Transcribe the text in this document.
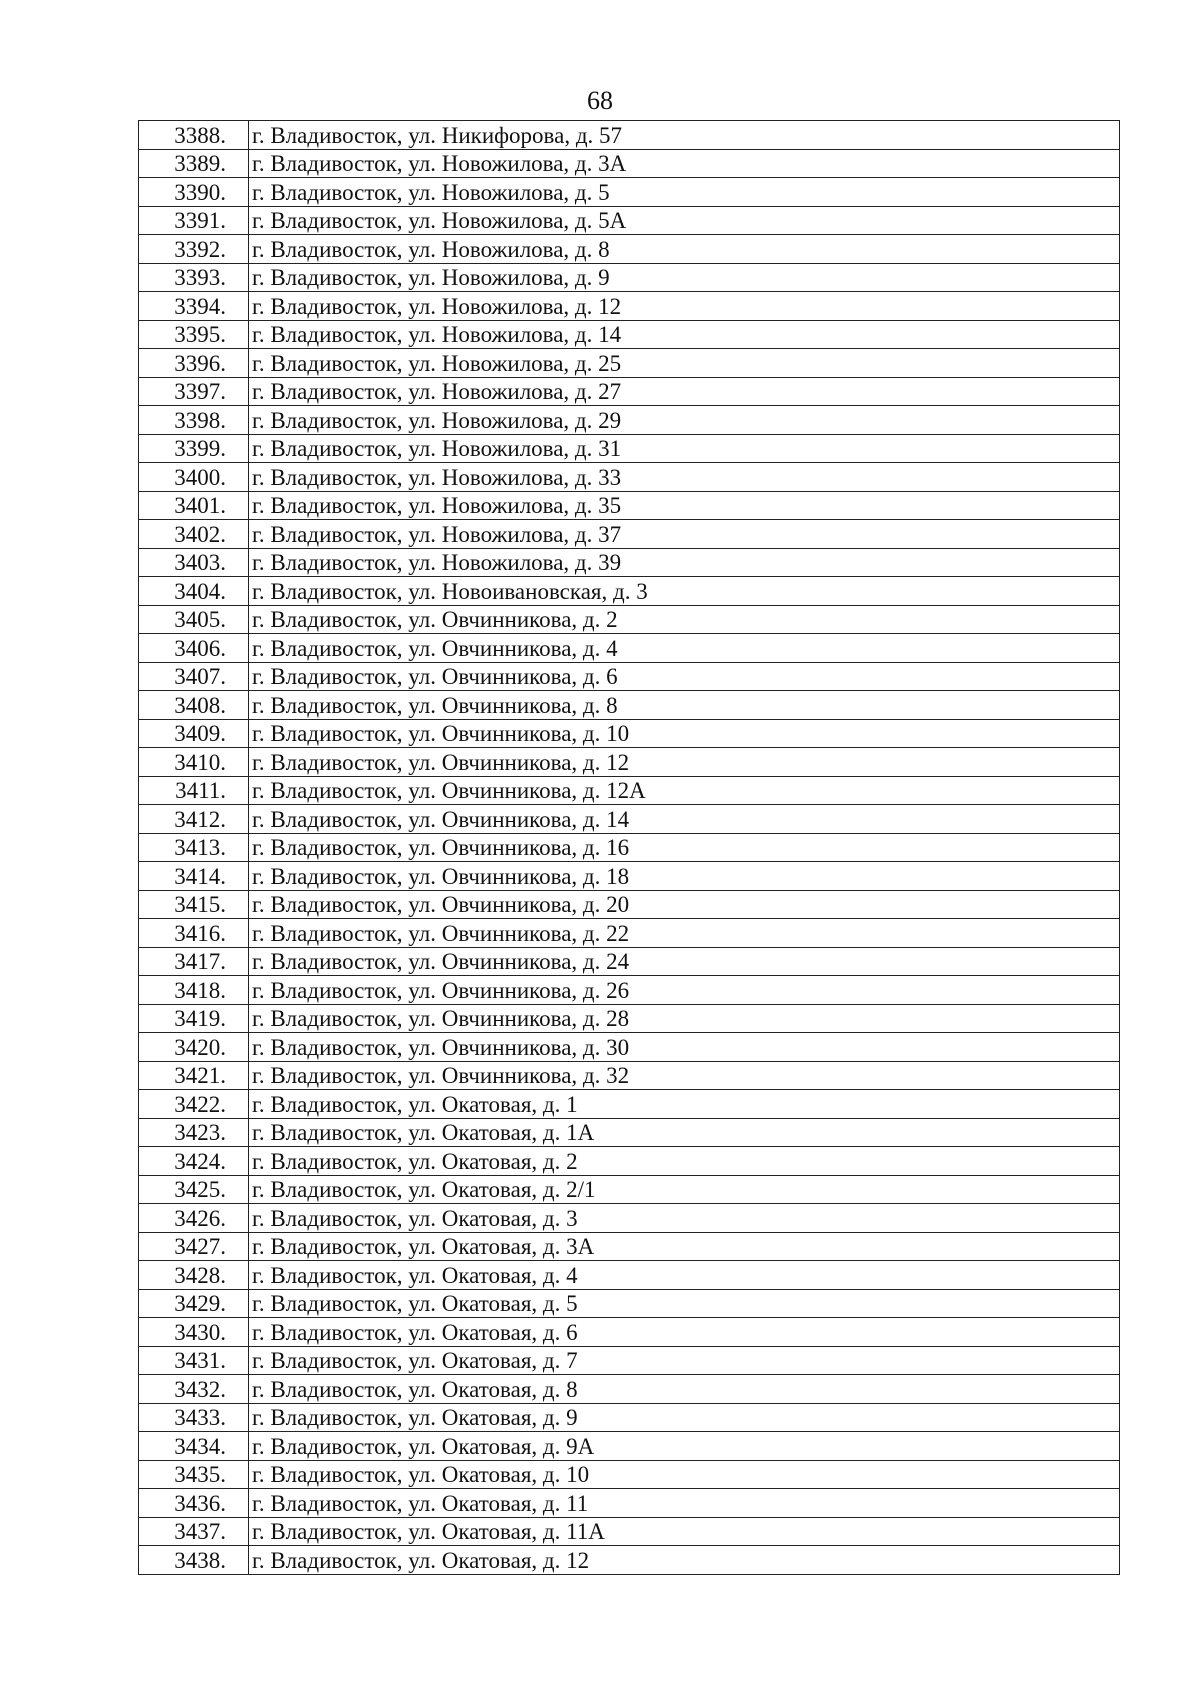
68
3388.	г. Владивосток, ул. Никифорова, д. 57
3389.	г. Владивосток, ул. Новожилова, д. 3А
3390.	г. Владивосток, ул. Новожилова, д. 5
3391.	г. Владивосток, ул. Новожилова, д. 5А
3392.	г. Владивосток, ул. Новожилова, д. 8
3393.	г. Владивосток, ул. Новожилова, д. 9
3394.	г. Владивосток, ул. Новожилова, д. 12
3395.	г. Владивосток, ул. Новожилова, д. 14
3396.	г. Владивосток, ул. Новожилова, д. 25
3397.	г. Владивосток, ул. Новожилова, д. 27
3398.	г. Владивосток, ул. Новожилова, д. 29
3399.	г. Владивосток, ул. Новожилова, д. 31
3400.	г. Владивосток, ул. Новожилова, д. 33
3401.	г. Владивосток, ул. Новожилова, д. 35
3402.	г. Владивосток, ул. Новожилова, д. 37
3403.	г. Владивосток, ул. Новожилова, д. 39
3404.	г. Владивосток, ул. Новоивановская, д. 3
3405.	г. Владивосток, ул. Овчинникова, д. 2
3406.	г. Владивосток, ул. Овчинникова, д. 4
3407.	г. Владивосток, ул. Овчинникова, д. 6
3408.	г. Владивосток, ул. Овчинникова, д. 8
3409.	г. Владивосток, ул. Овчинникова, д. 10
3410.	г. Владивосток, ул. Овчинникова, д. 12
3411.	г. Владивосток, ул. Овчинникова, д. 12А
3412.	г. Владивосток, ул. Овчинникова, д. 14
3413.	г. Владивосток, ул. Овчинникова, д. 16
3414.	г. Владивосток, ул. Овчинникова, д. 18
3415.	г. Владивосток, ул. Овчинникова, д. 20
3416.	г. Владивосток, ул. Овчинникова, д. 22
3417.	г. Владивосток, ул. Овчинникова, д. 24
3418.	г. Владивосток, ул. Овчинникова, д. 26
3419.	г. Владивосток, ул. Овчинникова, д. 28
3420.	г. Владивосток, ул. Овчинникова, д. 30
3421.	г. Владивосток, ул. Овчинникова, д. 32
3422.	г. Владивосток, ул. Окатовая, д. 1
3423.	г. Владивосток, ул. Окатовая, д. 1А
3424.	г. Владивосток, ул. Окатовая, д. 2
3425.	г. Владивосток, ул. Окатовая, д. 2/1
3426.	г. Владивосток, ул. Окатовая, д. 3
3427.	г. Владивосток, ул. Окатовая, д. 3А
3428.	г. Владивосток, ул. Окатовая, д. 4
3429.	г. Владивосток, ул. Окатовая, д. 5
3430.	г. Владивосток, ул. Окатовая, д. 6
3431.	г. Владивосток, ул. Окатовая, д. 7
3432.	г. Владивосток, ул. Окатовая, д. 8
3433.	г. Владивосток, ул. Окатовая, д. 9
3434.	г. Владивосток, ул. Окатовая, д. 9А
3435.	г. Владивосток, ул. Окатовая, д. 10
3436.	г. Владивосток, ул. Окатовая, д. 11
3437.	г. Владивосток, ул. Окатовая, д. 11А
3438.	г. Владивосток, ул. Окатовая, д. 12
